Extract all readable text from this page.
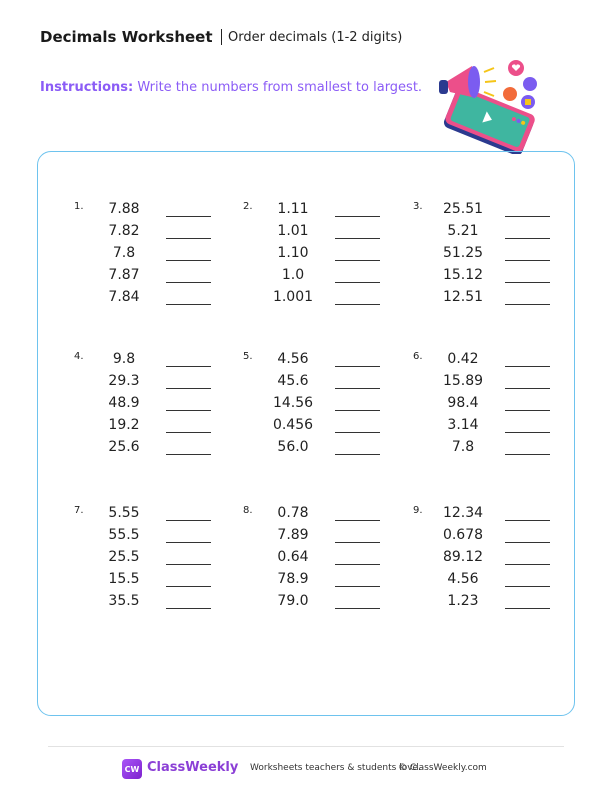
Decimals Worksheet Order decimals (1-2 digits)
Instructions: Write the numbers from smallest to largest.
1.	7.88
7.82
7.8
7.87
7.84
4.	9.8
29.3
48.9
19.2
25.6
7.	5.55
55.5
25.5
15.5
35.5
2.	1.11
1.01
1.10
1.0
1.001
5.	4.56
45.6
14.56
0.456
56.0
8.	0.78
7.89
0.64
78.9
79.0
3.	25.51
5.21
51.25
15.12
12.51
6.	0.42
15.89
98.4
3.14
7.8
9.	12.34
0.678
89.12
4.56
1.23
CW ClassWeekly Worksheets teachers & students love.
© ClassWeekly.com
